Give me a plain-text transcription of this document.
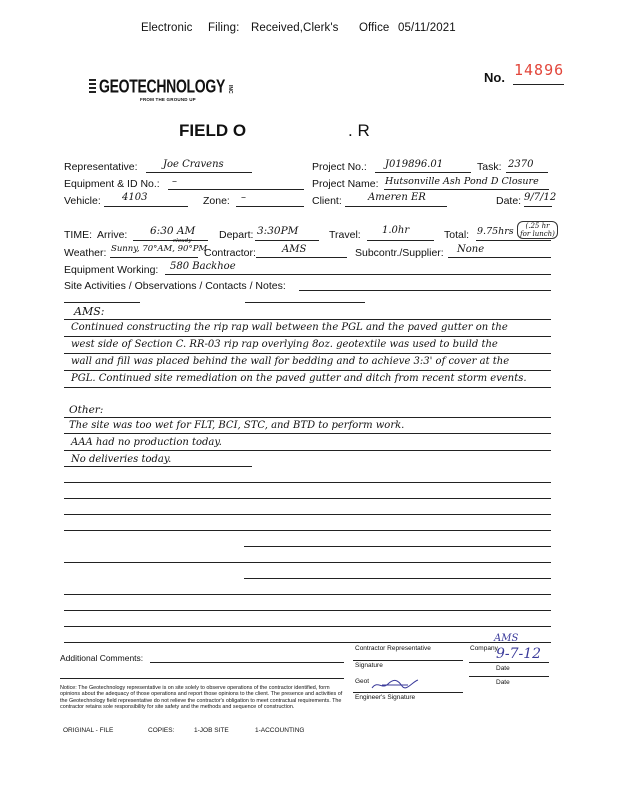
Electronic Filing: Received,Clerk's Office 05/11/2021
GEOTECHNOLOGY INC
FROM THE GROUND UP
No. 14896
FIELD O	. R
Representative:	Joe Cravens	Project No.: J019896.01	Task: 2370
Equipment & ID No.: –	Project Name: Hutsonville Ash Pond D Closure
Vehicle: 4103	Zone: –	Client:	Ameren ER	Date: 9/7/12
TIME: Arrive: 6:30 AM Depart: 3:30PM	Travel: 1.0hr	Total: 9.75hrs	(.25 hr for lunch)
Weather: Sunny, 70°AM, 90°PM
cloudy
Contractor:	AMS	Subcontr./Supplier: None
Equipment Working: 580 Backhoe
Site Activities / Observations / Contacts / Notes:
AMS:
Continued constructing the rip rap wall between the PGL and the paved gutter on the
west side of Section C. RR-03 rip rap overlying 8oz. geotextile was used to build the
wall and fill was placed behind the wall for bedding and to achieve 3:3' of cover at the
PGL. Continued site remediation on the paved gutter and ditch from recent storm events.
Other:
The site was too wet for FLT, BCI, STC, and BTD to perform work.
AAA had no production today.
No deliveries today.
Additional Comments:
Contractor Representative	Company
AMS
Signature
9-7-12
Date
Geot
Engineer's Signature
Date
Notice: The Geotechnology representative is on site solely to observe operations of the contractor identified, form opinions about the adequacy of those operations and report those opinions to the client. The presence and activities of the Geotechnology field representative do not relieve the contractor's obligation to meet contractual requirements. The contractor retains sole responsibility for site safety and the methods and sequence of construction.
ORIGINAL - FILE	COPIES:	1-JOB SITE	1-ACCOUNTING
